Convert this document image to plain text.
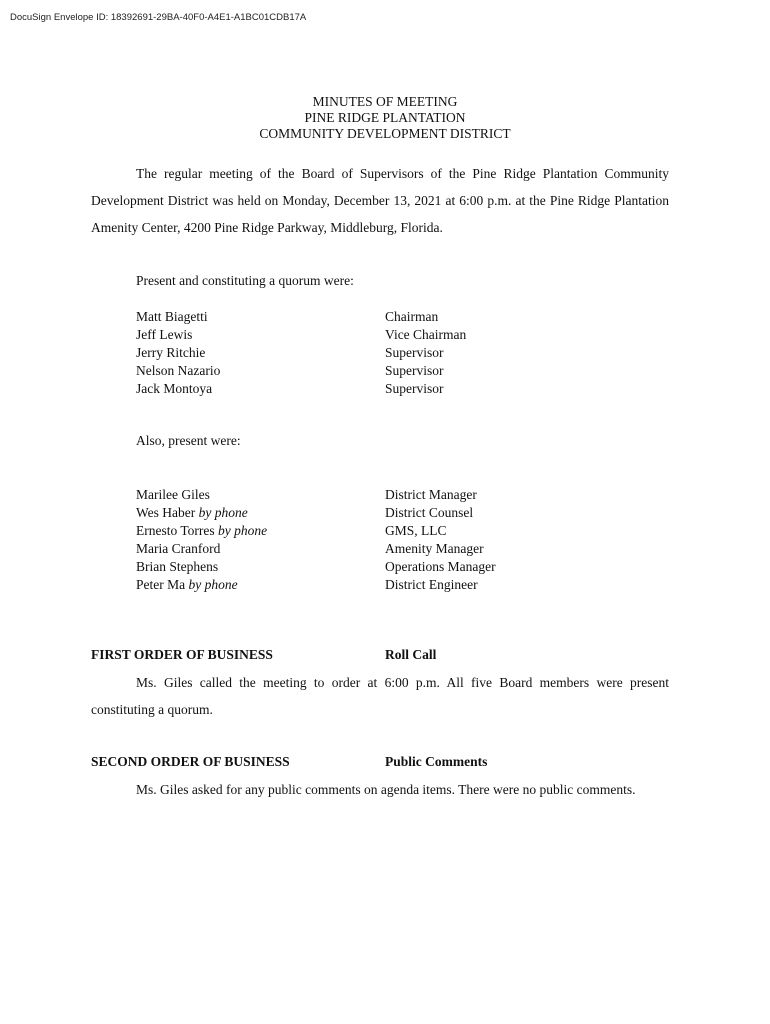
DocuSign Envelope ID: 18392691-29BA-40F0-A4E1-A1BC01CDB17A
MINUTES OF MEETING
PINE RIDGE PLANTATION
COMMUNITY DEVELOPMENT DISTRICT
The regular meeting of the Board of Supervisors of the Pine Ridge Plantation Community Development District was held on Monday, December 13, 2021 at 6:00 p.m. at the Pine Ridge Plantation Amenity Center, 4200 Pine Ridge Parkway, Middleburg, Florida.
Present and constituting a quorum were:
Matt Biagetti	Chairman
Jeff Lewis	Vice Chairman
Jerry Ritchie	Supervisor
Nelson Nazario	Supervisor
Jack Montoya	Supervisor
Also, present were:
Marilee Giles	District Manager
Wes Haber by phone	District Counsel
Ernesto Torres by phone	GMS, LLC
Maria Cranford	Amenity Manager
Brian Stephens	Operations Manager
Peter Ma by phone	District Engineer
FIRST ORDER OF BUSINESS	Roll Call
Ms. Giles called the meeting to order at 6:00 p.m. All five Board members were present constituting a quorum.
SECOND ORDER OF BUSINESS	Public Comments
Ms. Giles asked for any public comments on agenda items. There were no public comments.
